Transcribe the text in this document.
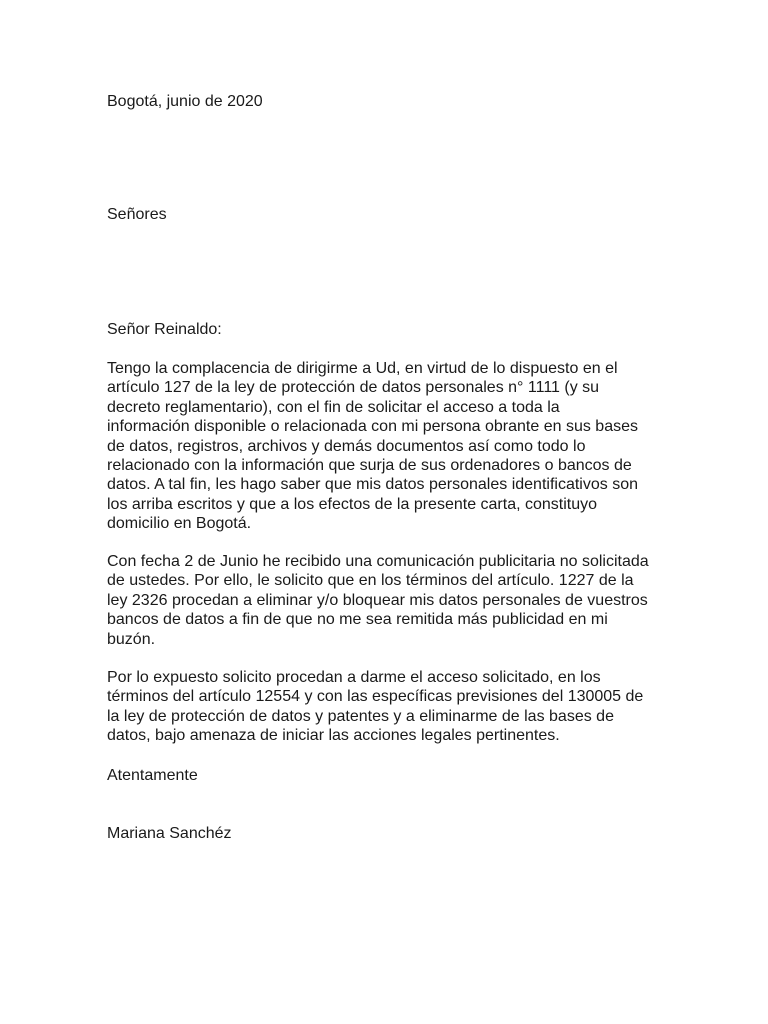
Bogotá, junio de 2020

Señores

Señor Reinaldo:

Tengo la complacencia de dirigirme a Ud, en virtud de lo dispuesto en el
artículo 127 de la ley de protección de datos personales n° 1111 (y su
decreto reglamentario), con el fin de solicitar el acceso a toda la
información disponible o relacionada con mi persona obrante en sus bases
de datos, registros, archivos y demás documentos así como todo lo
relacionado con la información que surja de sus ordenadores o bancos de
datos. A tal fin, les hago saber que mis datos personales identificativos son
los arriba escritos y que a los efectos de la presente carta, constituyo
domicilio en Bogotá.

Con fecha 2 de Junio he recibido una comunicación publicitaria no solicitada
de ustedes. Por ello, le solicito que en los términos del artículo. 1227 de la
ley 2326 procedan a eliminar y/o bloquear mis datos personales de vuestros
bancos de datos a fin de que no me sea remitida más publicidad en mi
buzón.

Por lo expuesto solicito procedan a darme el acceso solicitado, en los
términos del artículo 12554 y con las específicas previsiones del 130005 de
la ley de protección de datos y patentes y a eliminarme de las bases de
datos, bajo amenaza de iniciar las acciones legales pertinentes.

Atentamente

Mariana Sanchéz
